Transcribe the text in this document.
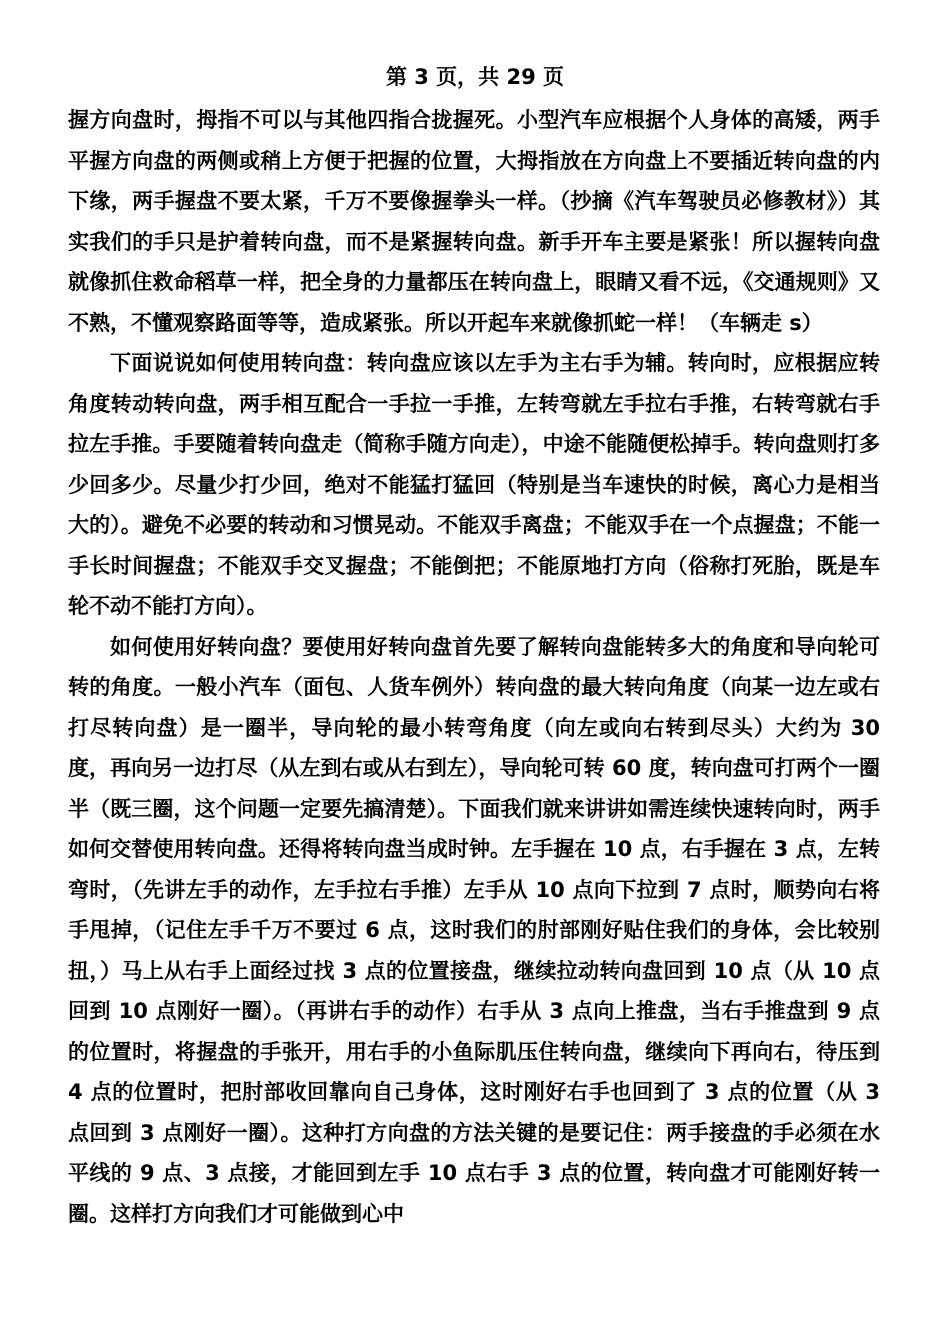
第 3 页，共 29 页

握方向盘时，拇指不可以与其他四指合拢握死。小型汽车应根据个人身体的高矮，两手平握方向盘的两侧或稍上方便于把握的位置，大拇指放在方向盘上不要插近转向盘的内下缘，两手握盘不要太紧，千万不要像握拳头一样。（抄摘《汽车驾驶员必修教材》）其实我们的手只是护着转向盘，而不是紧握转向盘。新手开车主要是紧张！所以握转向盘就像抓住救命稻草一样，把全身的力量都压在转向盘上，眼睛又看不远，《交通规则》又不熟，不懂观察路面等等，造成紧张。所以开起车来就像抓蛇一样！（车辆走 s）

下面说说如何使用转向盘：转向盘应该以左手为主右手为辅。转向时，应根据应转角度转动转向盘，两手相互配合一手拉一手推，左转弯就左手拉右手推，右转弯就右手拉左手推。手要随着转向盘走（简称手随方向走），中途不能随便松掉手。转向盘则打多少回多少。尽量少打少回，绝对不能猛打猛回（特别是当车速快的时候，离心力是相当大的）。避免不必要的转动和习惯晃动。不能双手离盘；不能双手在一个点握盘；不能一手长时间握盘；不能双手交叉握盘；不能倒把；不能原地打方向（俗称打死胎，既是车轮不动不能打方向）。

如何使用好转向盘？要使用好转向盘首先要了解转向盘能转多大的角度和导向轮可转的角度。一般小汽车（面包、人货车例外）转向盘的最大转向角度（向某一边左或右打尽转向盘）是一圈半，导向轮的最小转弯角度（向左或向右转到尽头）大约为 30 度，再向另一边打尽（从左到右或从右到左），导向轮可转 60 度，转向盘可打两个一圈半（既三圈，这个问题一定要先搞清楚）。下面我们就来讲讲如需连续快速转向时，两手如何交替使用转向盘。还得将转向盘当成时钟。左手握在 10 点，右手握在 3 点，左转弯时，（先讲左手的动作，左手拉右手推）左手从 10 点向下拉到 7 点时，顺势向右将手甩掉，（记住左手千万不要过 6 点，这时我们的肘部刚好贴住我们的身体，会比较别扭，）马上从右手上面经过找 3 点的位置接盘，继续拉动转向盘回到 10 点（从 10 点回到 10 点刚好一圈）。（再讲右手的动作）右手从 3 点向上推盘，当右手推盘到 9 点的位置时，将握盘的手张开，用右手的小鱼际肌压住转向盘，继续向下再向右，待压到 4 点的位置时，把肘部收回靠向自己身体，这时刚好右手也回到了 3 点的位置（从 3 点回到 3 点刚好一圈）。这种打方向盘的方法关键的是要记住：两手接盘的手必须在水平线的 9 点、3 点接，才能回到左手 10 点右手 3 点的位置，转向盘才可能刚好转一圈。这样打方向我们才可能做到心中
